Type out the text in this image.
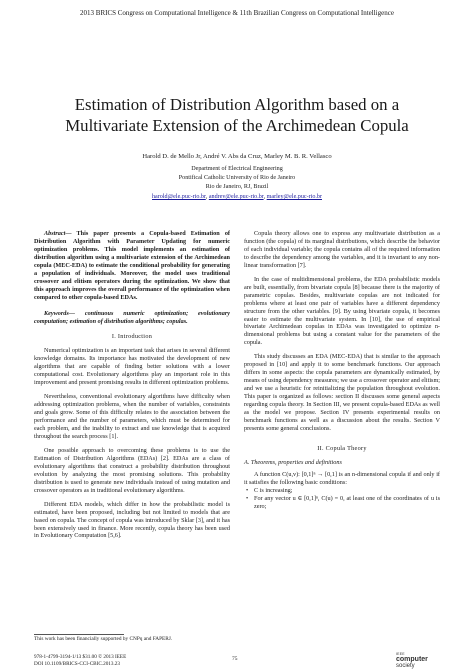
2013 BRICS Congress on Computational Intelligence & 11th Brazilian Congress on Computational Intelligence
Estimation of Distribution Algorithm based on a
Multivariate Extension of the Archimedean Copula
Harold D. de Mello Jr, André V. Abs da Cruz, Marley M. B. R. Vellasco
Department of Electrical Engineering
Pontifical Catholic University of Rio de Janeiro
Rio de Janeiro, RJ, Brazil
harold@ele.puc-rio.br, andrev@ele.puc-rio.br, marley@ele.puc-rio.br

Abstract— This paper presents a Copula-based Estimation of Distribution Algorithm with Parameter Updating for numeric optimization problems. This model implements an estimation of distribution algorithm using a multivariate extension of the Archimedean copula (MEC-EDA) to estimate the conditional probability for generating a population of individuals. Moreover, the model uses traditional crossover and elitism operators during the optimization. We show that this approach improves the overall performance of the optimization when compared to other copula-based EDAs.

Keywords— continuous numeric optimization; evolutionary computation; estimation of distribution algorithms; copulas.

I. Introduction

Numerical optimization is an important task that arises in several different knowledge domains. Its importance has motivated the development of new algorithms that are capable of finding better solutions with a lower computational cost. Evolutionary algorithms play an important role in this improvement and present promising results in different optimization problems.

Nevertheless, conventional evolutionary algorithms have difficulty when addressing optimization problems, when the number of variables, constraints and goals grow. Some of this difficulty relates to the association between the performance and the number of parameters, which must be determined for each problem, and the inability to extract and use knowledge that is acquired throughout the search process [1].

One possible approach to overcoming these problems is to use the Estimation of Distribution Algorithms (EDAs) [2]. EDAs are a class of evolutionary algorithms that construct a probability distribution throughout evolution by analyzing the most promising solutions. This probability distribution is used to generate new individuals instead of using mutation and crossover operators as in traditional evolutionary algorithms.

Different EDA models, which differ in how the probabilistic model is estimated, have been proposed, including but not limited to models that are based on copula. The concept of copula was introduced by Sklar [3], and it has been extensively used in finance. More recently, copula theory has been used in Evolutionary Computation [5,6].

Copula theory allows one to express any multivariate distribution as a function (the copula) of its marginal distributions, which describe the behavior of each individual variable; the copula contains all of the required information to describe the dependency among the variables, and it is invariant to any non-linear transformation [7].

In the case of multidimensional problems, the EDA probabilistic models are built, essentially, from bivariate copula [8] because there is the majority of parametric copulas. Besides, multivariate copulas are not indicated for problems where at least one pair of variables have a different dependency structure from the other variables. [9]. By using bivariate copula, it becomes easier to estimate the multivariate system. In [10], the use of empirical bivariate Archimedean copulas in EDAs was investigated to optimize n-dimensional problems but using a constant value for the parameters of the copula.

This study discusses an EDA (MEC-EDA) that is similar to the approach proposed in [10] and apply it to some benchmark functions. Our approach differs in some aspects: the copula parameters are dynamically estimated, by means of using dependency measures; we use a crossover operator and elitism; and we use a heuristic for reinitializing the population throughout evolution. This paper is organized as follows: section II discusses some general aspects regarding copula theory. In Section III, we present copula-based EDAs as well as the model we propose. Section IV presents experimental results on benchmark functions as well as a discussion about the results. Section V presents some general conclusions.

II. Copula Theory

A. Theorems, properties and definitions

A function C(u,v): [0,1]ⁿ → [0,1] is an n-dimensional copula if and only if it satisfies the following basic conditions:

• C is increasing;

• For any vector u ∈ [0,1]ⁿ, C(u) = 0, at least one of the coordinates of u is zero;

This work has been financially supported by CNPq and FAPERJ.
978-1-4799-3194-1/13 $31.00 © 2013 IEEE
DOI 10.1109/BRICS-CCI-CBIC.2013.23
75
IEEE
computer
society
